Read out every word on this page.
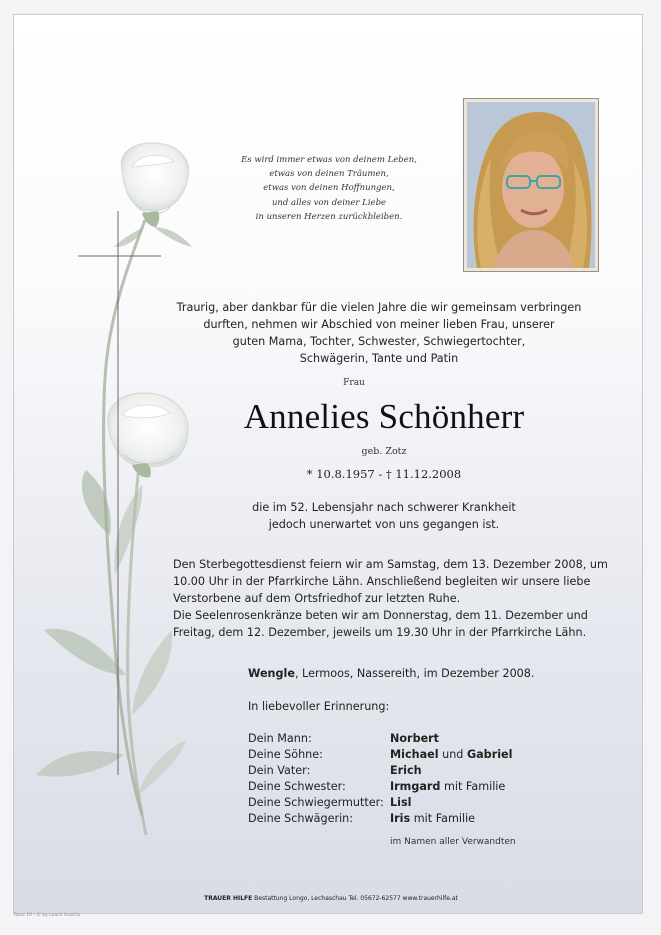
Es wird immer etwas von deinem Leben,
etwas von deinen Träumen,
etwas von deinen Hoffnungen,
und alles von deiner Liebe
in unseren Herzen zurückbleiben.
Traurig, aber dankbar für die vielen Jahre die wir gemeinsam verbringen
durften, nehmen wir Abschied von meiner lieben Frau, unserer
guten Mama, Tochter, Schwester, Schwiegertochter,
Schwägerin, Tante und Patin
Frau
Annelies Schönherr
geb. Zotz
* 10.8.1957 - † 11.12.2008
die im 52. Lebensjahr nach schwerer Krankheit
jedoch unerwartet von uns gegangen ist.
Den Sterbegottesdienst feiern wir am Samstag, dem 13. Dezember 2008, um
10.00 Uhr in der Pfarrkirche Lähn. Anschließend begleiten wir unsere liebe
Verstorbene auf dem Ortsfriedhof zur letzten Ruhe.
Die Seelenrosenkränze beten wir am Donnerstag, dem 11. Dezember und
Freitag, dem 12. Dezember, jeweils um 19.30 Uhr in der Pfarrkirche Lähn.
Wengle, Lermoos, Nassereith, im Dezember 2008.
In liebevoller Erinnerung:
Dein Mann:	Norbert
Deine Söhne:	Michael und Gabriel
Dein Vater:	Erich
Deine Schwester:	Irmgard mit Familie
Deine Schwiegermutter: Lisl
Deine Schwägerin:	Iris mit Familie
im Namen aller Verwandten
TRAUER HILFE Bestattung Longo, Lechaschau Tel. 05672-62577 www.trauerhilfe.at
Rose 10 - © by Loach Austria
